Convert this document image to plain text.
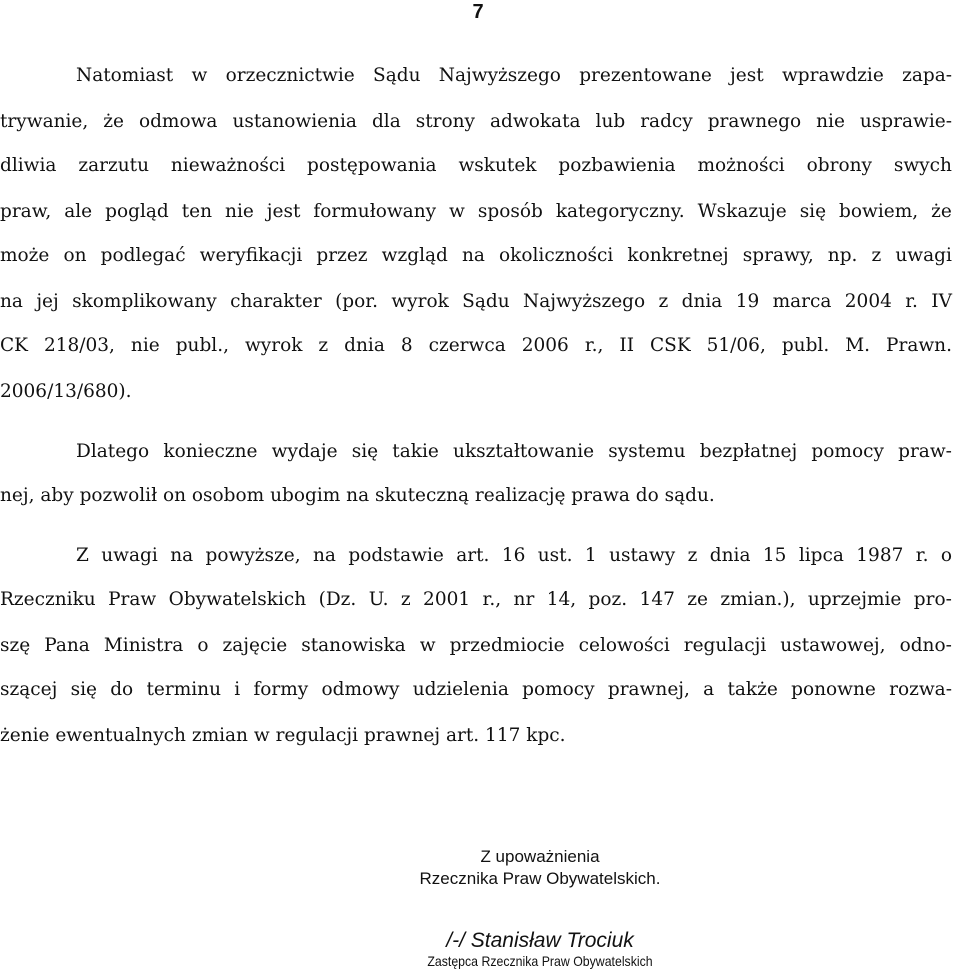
7
Natomiast w orzecznictwie Sądu Najwyższego prezentowane jest wprawdzie zapa-
trywanie, że odmowa ustanowienia dla strony adwokata lub radcy prawnego nie usprawie-
dliwia zarzutu nieważności postępowania wskutek pozbawienia możności obrony swych
praw, ale pogląd ten nie jest formułowany w sposób kategoryczny. Wskazuje się bowiem, że
może on podlegać weryfikacji przez wzgląd na okoliczności konkretnej sprawy, np. z uwagi
na jej skomplikowany charakter (por. wyrok Sądu Najwyższego z dnia 19 marca 2004 r. IV
CK 218/03, nie publ., wyrok z dnia 8 czerwca 2006 r., II CSK 51/06, publ. M. Prawn.
2006/13/680).
Dlatego konieczne wydaje się takie ukształtowanie systemu bezpłatnej pomocy praw-
nej, aby pozwolił on osobom ubogim na skuteczną realizację prawa do sądu.
Z uwagi na powyższe, na podstawie art. 16 ust. 1 ustawy z dnia 15 lipca 1987 r. o
Rzeczniku Praw Obywatelskich (Dz. U. z 2001 r., nr 14, poz. 147 ze zmian.), uprzejmie pro-
szę Pana Ministra o zajęcie stanowiska w przedmiocie celowości regulacji ustawowej, odno-
szącej się do terminu i formy odmowy udzielenia pomocy prawnej, a także ponowne rozwa-
żenie ewentualnych zmian w regulacji prawnej art. 117 kpc.
Z upoważnienia
Rzecznika Praw Obywatelskich.
/-/ Stanisław Trociuk
Zastępca Rzecznika Praw Obywatelskich
